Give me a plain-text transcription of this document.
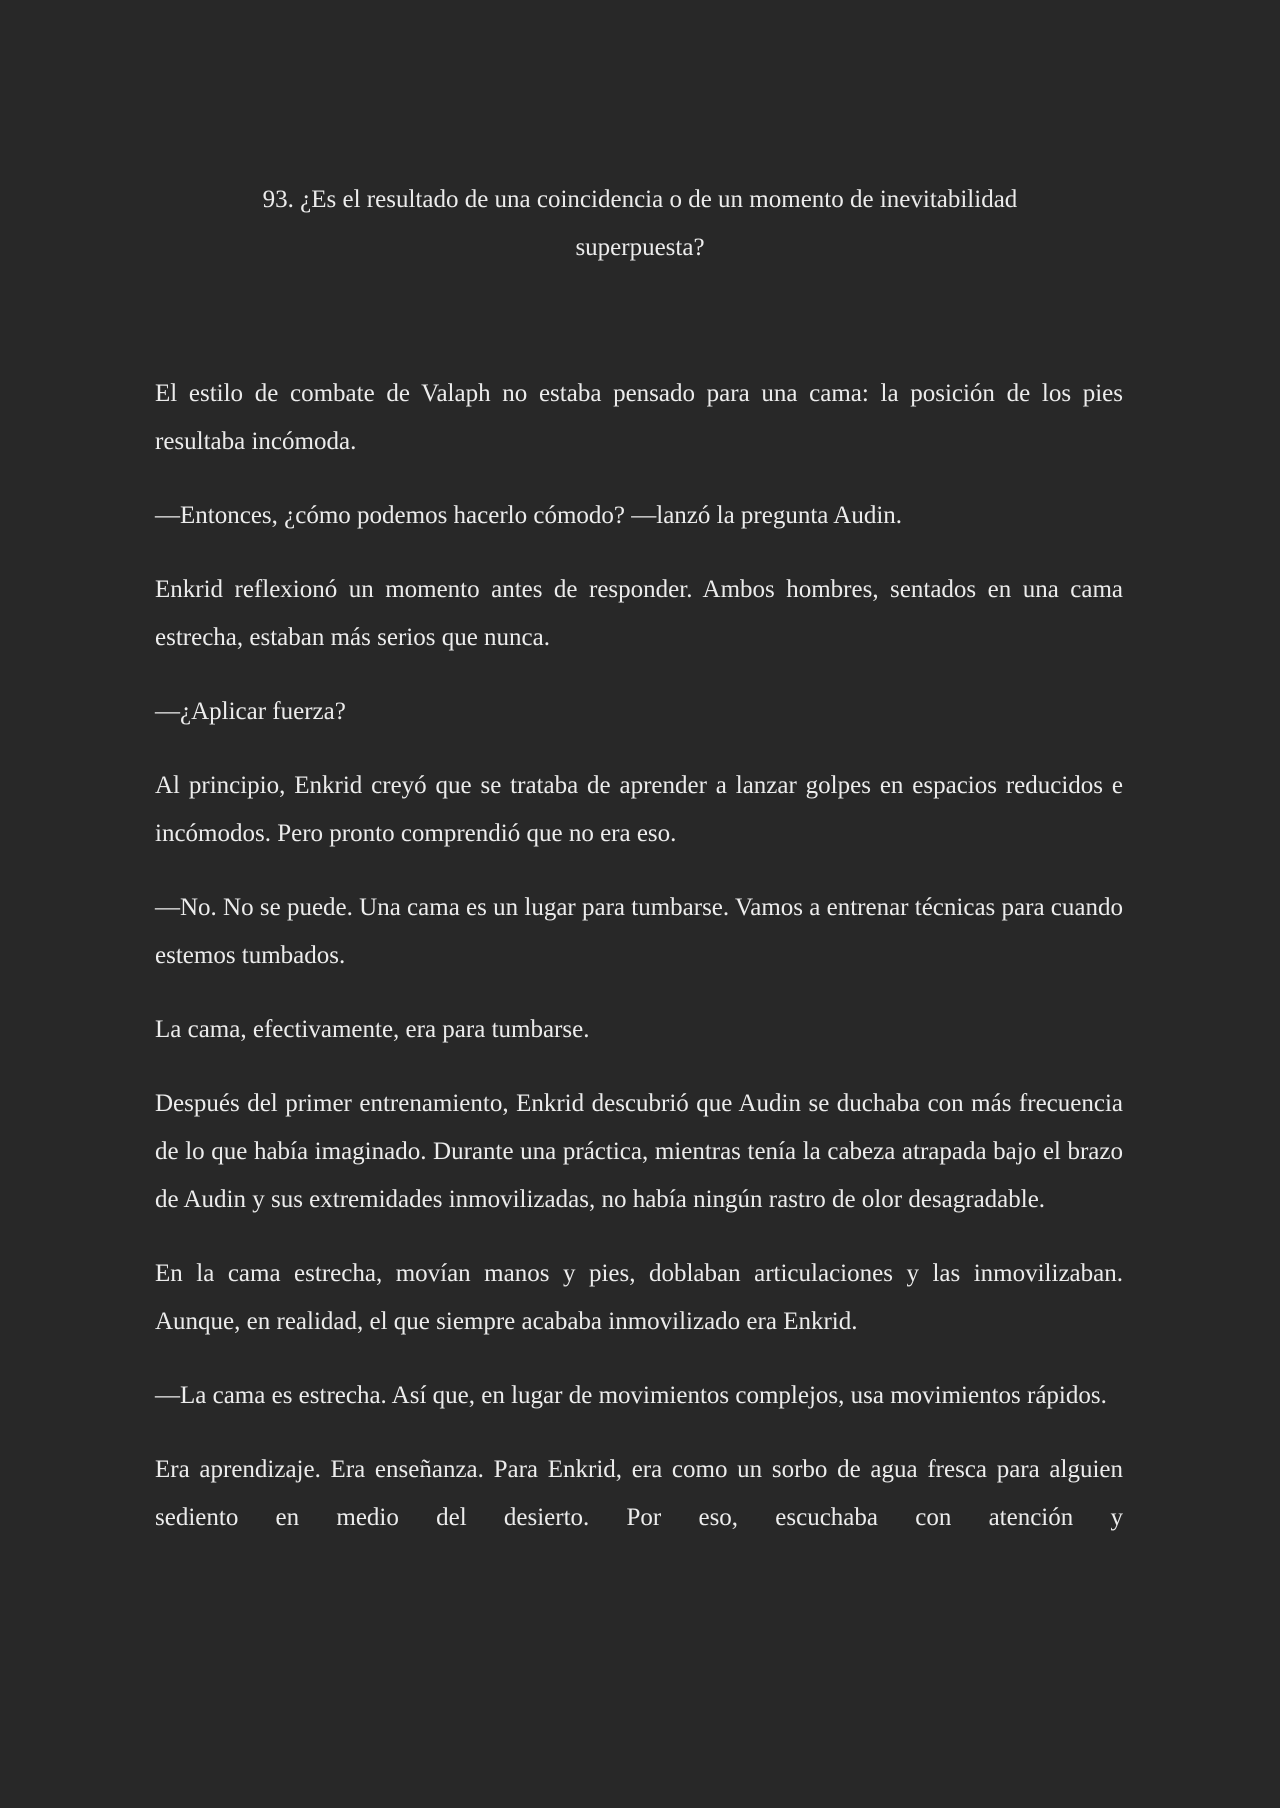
93. ¿Es el resultado de una coincidencia o de un momento de inevitabilidad superpuesta?

El estilo de combate de Valaph no estaba pensado para una cama: la posición de los pies resultaba incómoda.

—Entonces, ¿cómo podemos hacerlo cómodo? —lanzó la pregunta Audin.

Enkrid reflexionó un momento antes de responder. Ambos hombres, sentados en una cama estrecha, estaban más serios que nunca.

—¿Aplicar fuerza?

Al principio, Enkrid creyó que se trataba de aprender a lanzar golpes en espacios reducidos e incómodos. Pero pronto comprendió que no era eso.

—No. No se puede. Una cama es un lugar para tumbarse. Vamos a entrenar técnicas para cuando estemos tumbados.

La cama, efectivamente, era para tumbarse.

Después del primer entrenamiento, Enkrid descubrió que Audin se duchaba con más frecuencia de lo que había imaginado. Durante una práctica, mientras tenía la cabeza atrapada bajo el brazo de Audin y sus extremidades inmovilizadas, no había ningún rastro de olor desagradable.

En la cama estrecha, movían manos y pies, doblaban articulaciones y las inmovilizaban. Aunque, en realidad, el que siempre acababa inmovilizado era Enkrid.

—La cama es estrecha. Así que, en lugar de movimientos complejos, usa movimientos rápidos.

Era aprendizaje. Era enseñanza. Para Enkrid, era como un sorbo de agua fresca para alguien sediento en medio del desierto. Por eso, escuchaba con atención y
